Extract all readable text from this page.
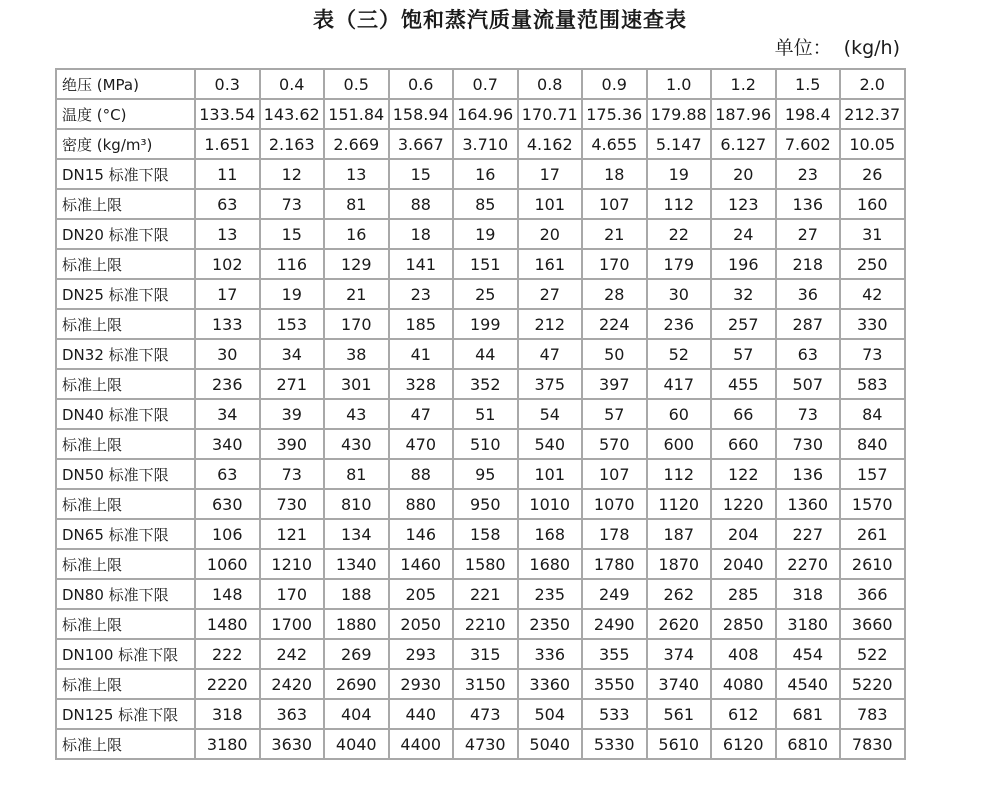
表（三）饱和蒸汽质量流量范围速查表
单位：  (kg/h)
绝压 (MPa)	0.3	0.4	0.5	0.6	0.7	0.8	0.9	1.0	1.2	1.5	2.0
温度 (°C)	133.54	143.62	151.84	158.94	164.96	170.71	175.36	179.88	187.96	198.4	212.37
密度 (kg/m³)	1.651	2.163	2.669	3.667	3.710	4.162	4.655	5.147	6.127	7.602	10.05
DN15 标准下限	11	12	13	15	16	17	18	19	20	23	26
标准上限	63	73	81	88	85	101	107	112	123	136	160
DN20 标准下限	13	15	16	18	19	20	21	22	24	27	31
标准上限	102	116	129	141	151	161	170	179	196	218	250
DN25 标准下限	17	19	21	23	25	27	28	30	32	36	42
标准上限	133	153	170	185	199	212	224	236	257	287	330
DN32 标准下限	30	34	38	41	44	47	50	52	57	63	73
标准上限	236	271	301	328	352	375	397	417	455	507	583
DN40 标准下限	34	39	43	47	51	54	57	60	66	73	84
标准上限	340	390	430	470	510	540	570	600	660	730	840
DN50 标准下限	63	73	81	88	95	101	107	112	122	136	157
标准上限	630	730	810	880	950	1010	1070	1120	1220	1360	1570
DN65 标准下限	106	121	134	146	158	168	178	187	204	227	261
标准上限	1060	1210	1340	1460	1580	1680	1780	1870	2040	2270	2610
DN80 标准下限	148	170	188	205	221	235	249	262	285	318	366
标准上限	1480	1700	1880	2050	2210	2350	2490	2620	2850	3180	3660
DN100 标准下限	222	242	269	293	315	336	355	374	408	454	522
标准上限	2220	2420	2690	2930	3150	3360	3550	3740	4080	4540	5220
DN125 标准下限	318	363	404	440	473	504	533	561	612	681	783
标准上限	3180	3630	4040	4400	4730	5040	5330	5610	6120	6810	7830
